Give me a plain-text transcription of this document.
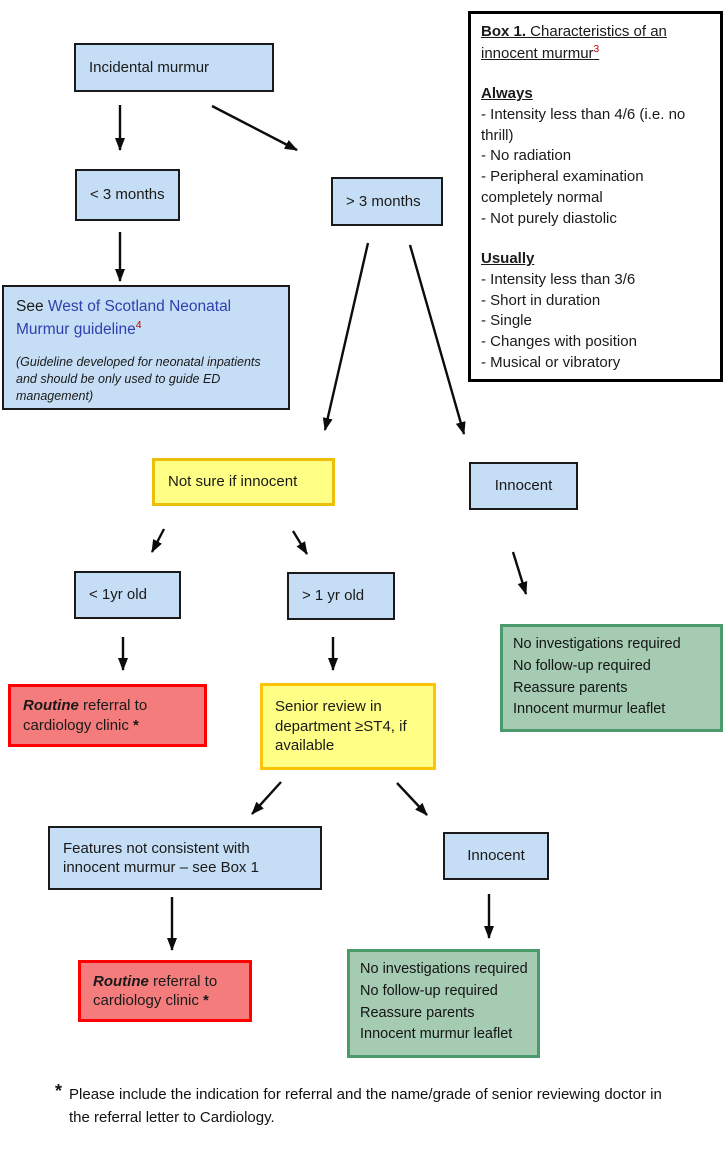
Incidental murmur
< 3 months	> 3 months
Box 1. Characteristics of an innocent murmur$^3$
Always
- Intensity less than 4/6 (i.e. no thrill)
- No radiation
- Peripheral examination completely normal
- Not purely diastolic
Usually
- Intensity less than 3/6
- Short in duration
- Single
- Changes with position
- Musical or vibratory
See West of Scotland Neonatal Murmur guideline$^4$
(Guideline developed for neonatal inpatients and should be only used to guide ED management)
Not sure if innocent	Innocent
< 1yr old	> 1 yr old
No investigations required
No follow-up required
Reassure parents
Innocent murmur leaflet
Routine referral to cardiology clinic *
Senior review in department ≥ST4, if available
Features not consistent with innocent murmur – see Box 1
Innocent
Routine referral to cardiology clinic *
No investigations required
No follow-up required
Reassure parents
Innocent murmur leaflet
* Please include the indication for referral and the name/grade of senior reviewing doctor in the referral letter to Cardiology.
